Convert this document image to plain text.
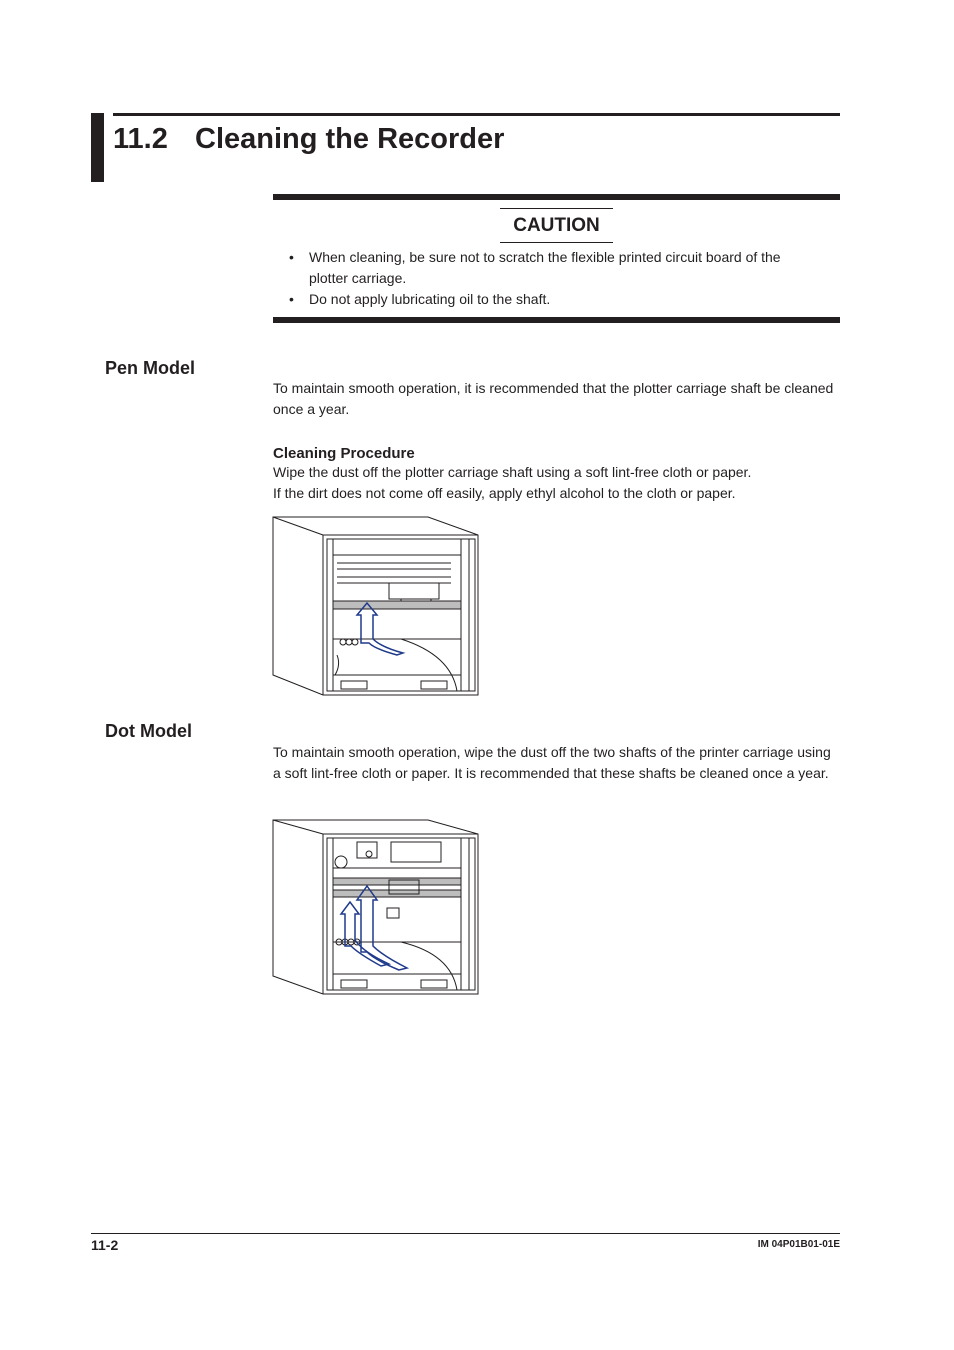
11.2 Cleaning the Recorder
CAUTION
• When cleaning, be sure not to scratch the flexible printed circuit board of the plotter carriage.
• Do not apply lubricating oil to the shaft.
Pen Model
To maintain smooth operation, it is recommended that the plotter carriage shaft be cleaned once a year.
Cleaning Procedure
Wipe the dust off the plotter carriage shaft using a soft lint-free cloth or paper.
If the dirt does not come off easily, apply ethyl alcohol to the cloth or paper.
Dot Model
To maintain smooth operation, wipe the dust off the two shafts of the printer carriage using a soft lint-free cloth or paper. It is recommended that these shafts be cleaned once a year.
11-2	IM 04P01B01-01E
